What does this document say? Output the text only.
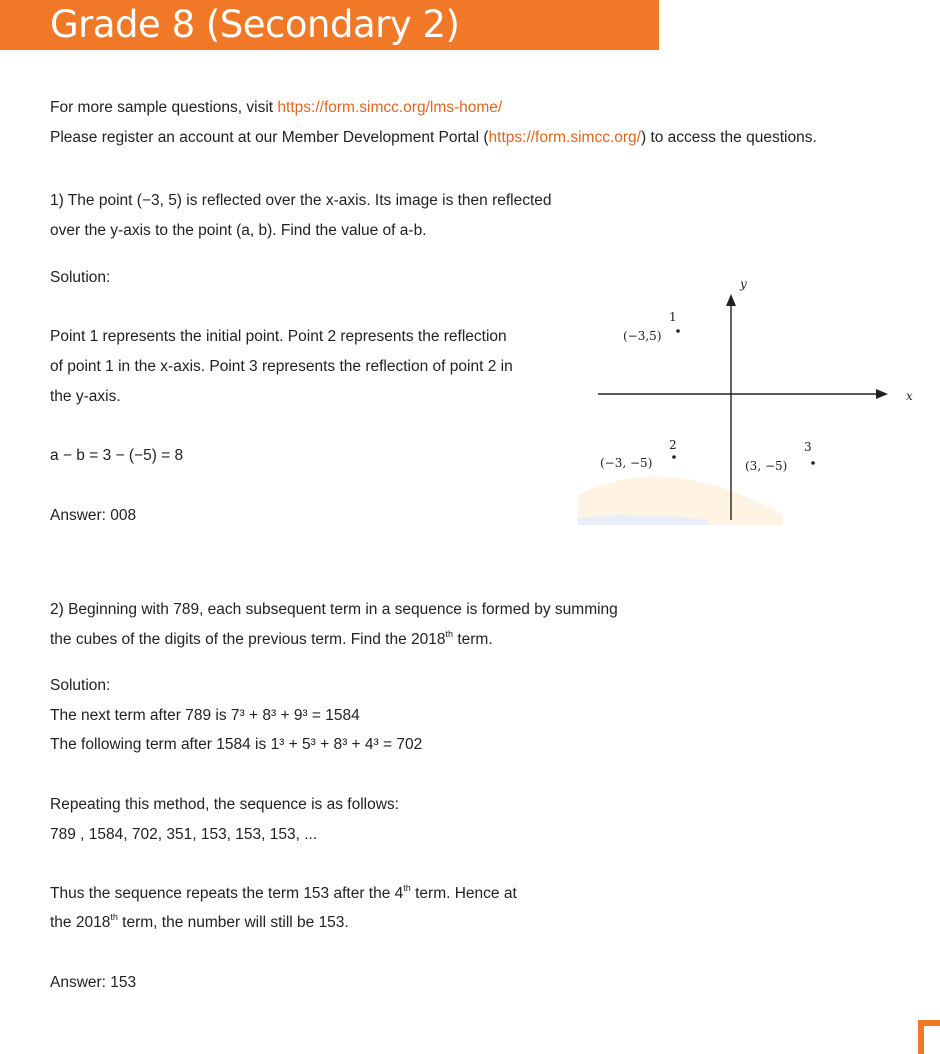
Grade 8 (Secondary 2)
For more sample questions, visit https://form.simcc.org/lms-home/
Please register an account at our Member Development Portal (https://form.simcc.org/) to access the questions.
1) The point (−3, 5) is reflected over the x-axis. Its image is then reflected
over the y-axis to the point (a, b). Find the value of a-b.
Solution:
Point 1 represents the initial point. Point 2 represents the reflection
of point 1 in the x-axis. Point 3 represents the reflection of point 2 in
the y-axis.
a − b = 3 − (−5) = 8
Answer: 008
x
y
1
(−3,5)
2
(−3, −5)
3
(3, −5)
2) Beginning with 789, each subsequent term in a sequence is formed by summing
the cubes of the digits of the previous term. Find the 2018th term.
Solution:
The next term after 789 is 7³ + 8³ + 9³ = 1584
The following term after 1584 is 1³ + 5³ + 8³ + 4³ = 702
Repeating this method, the sequence is as follows:
789 , 1584, 702, 351, 153, 153, 153, ...
Thus the sequence repeats the term 153 after the 4th term. Hence at
the 2018th term, the number will still be 153.
Answer: 153
